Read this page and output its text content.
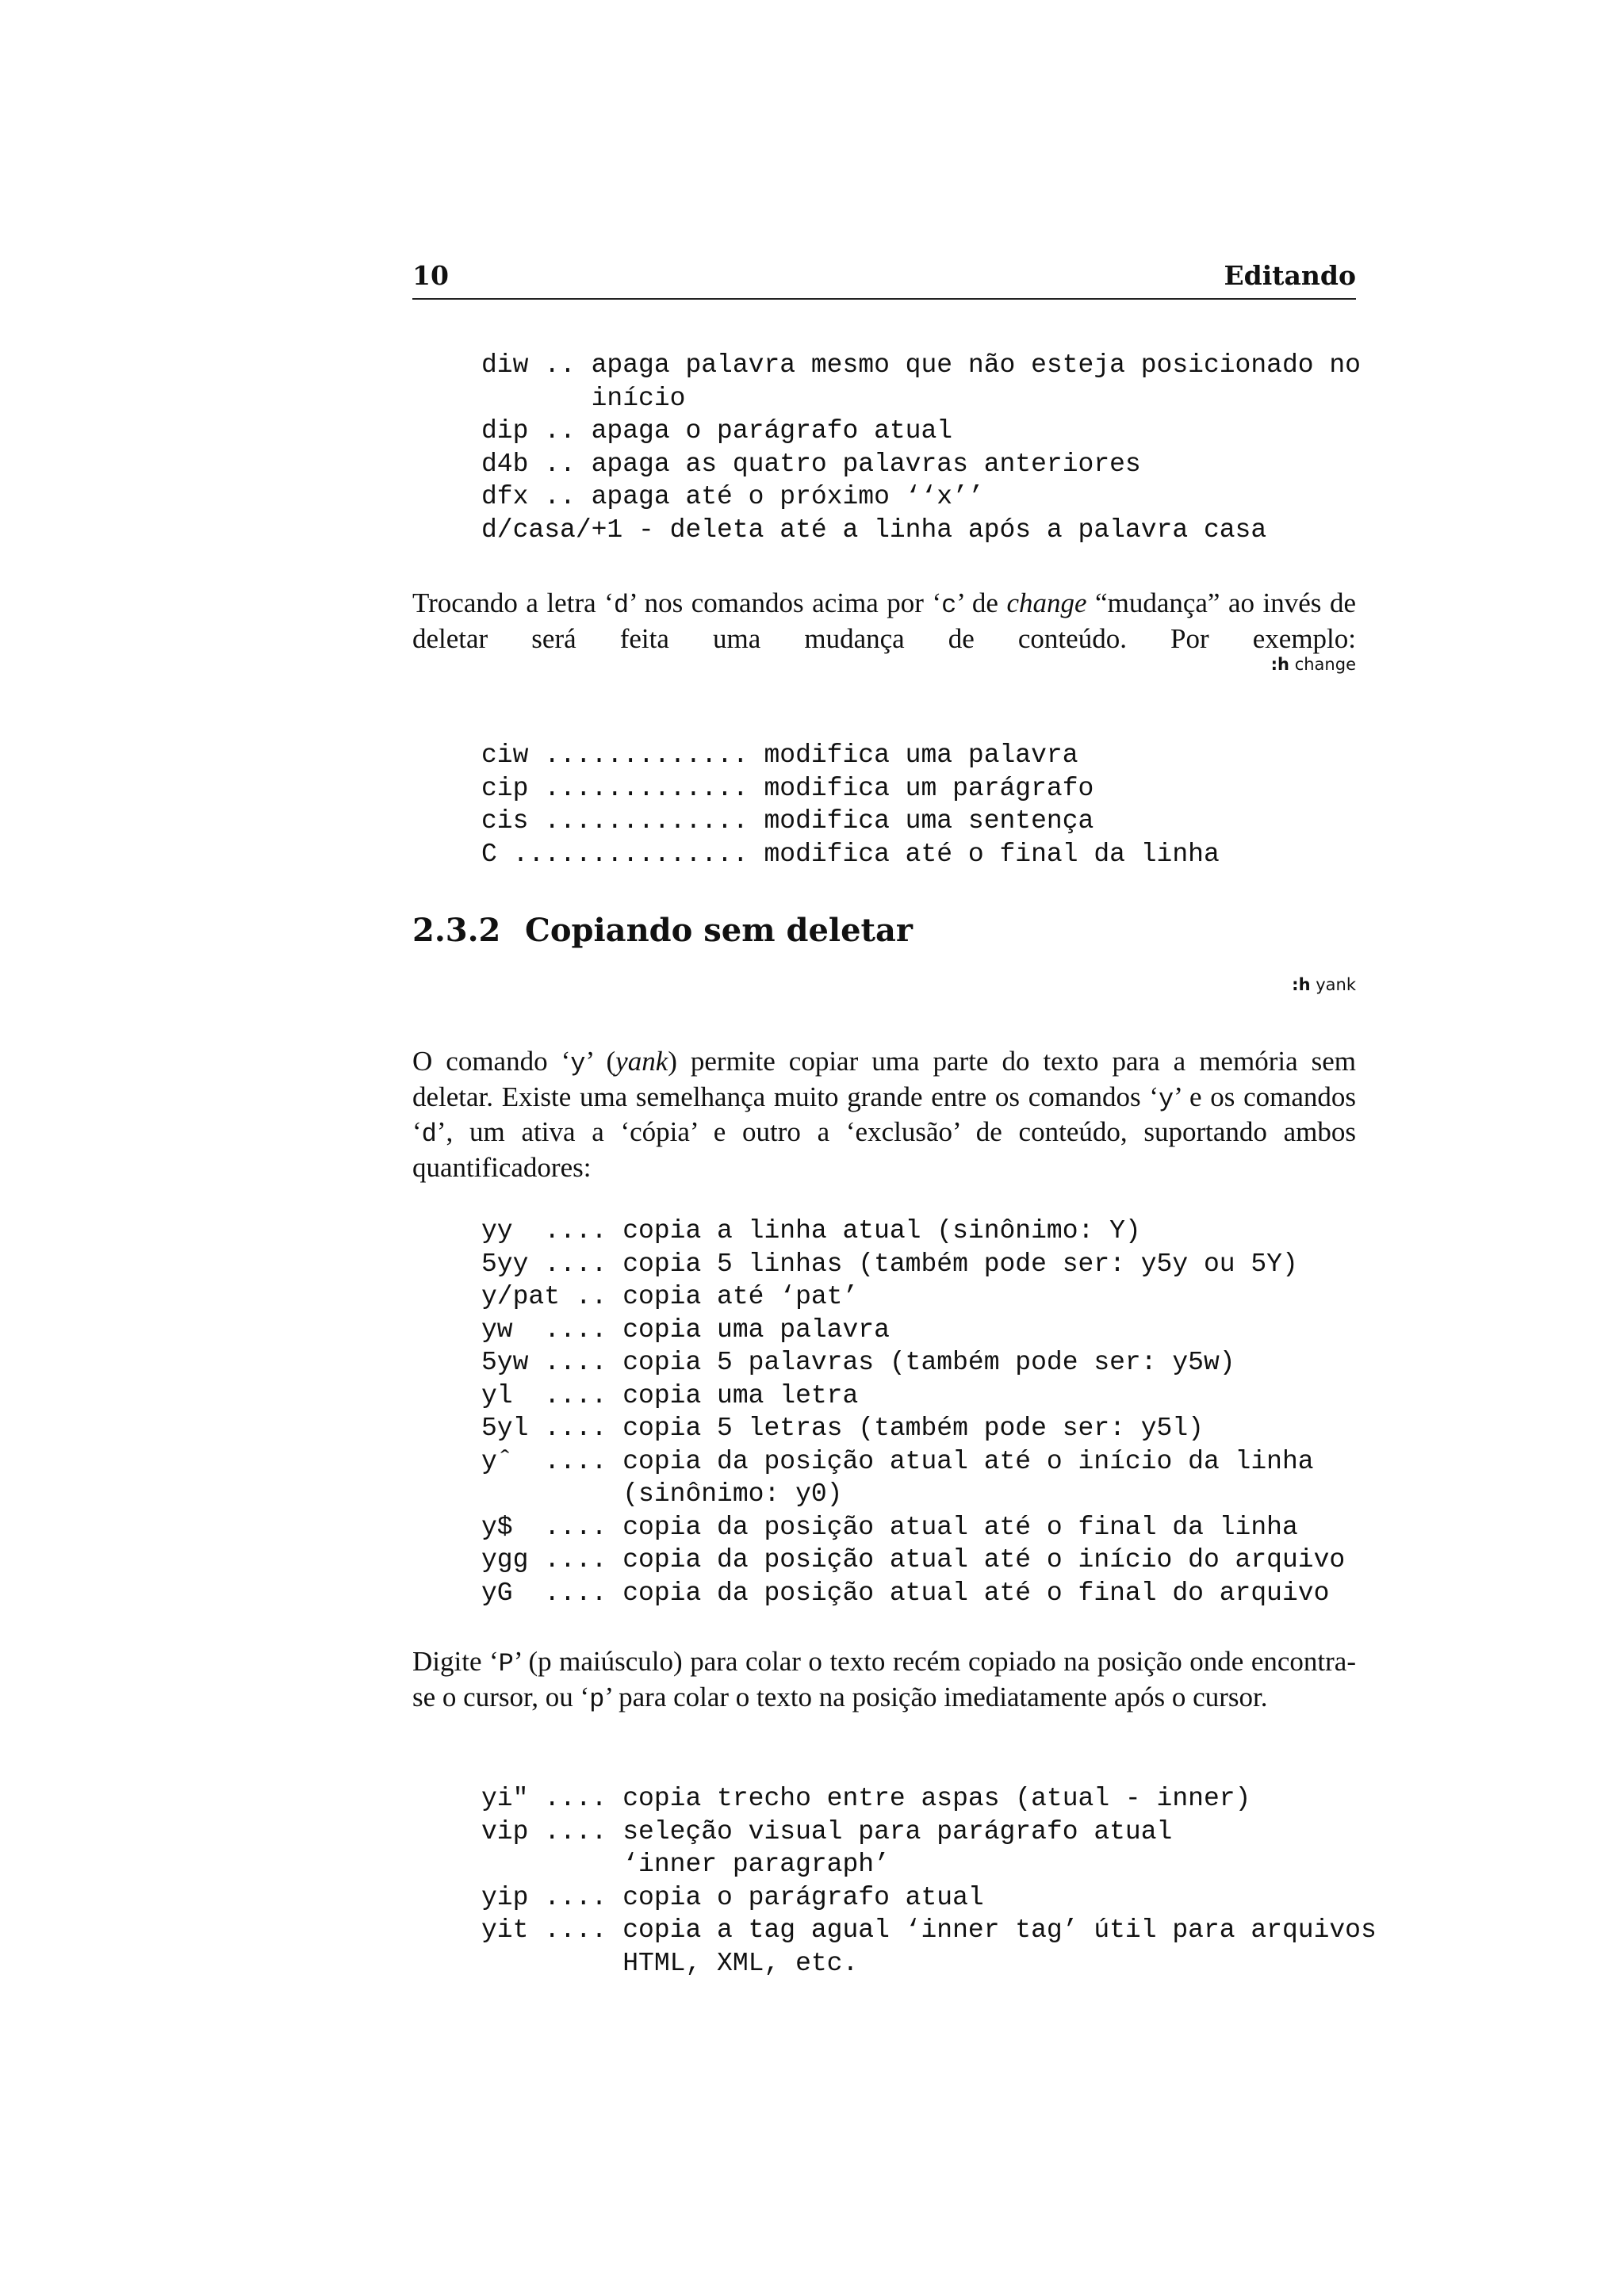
10	Editando
diw .. apaga palavra mesmo que não esteja posicionado no
início
dip .. apaga o parágrafo atual
d4b .. apaga as quatro palavras anteriores
dfx .. apaga até o próximo ‘‘x’’
d/casa/+1 - deleta até a linha após a palavra casa

Trocando a letra ‘d’ nos comandos acima por ‘c’ de change “mudança” ao invés de deletar será feita uma mudança de conteúdo. Por exemplo:

:h change
ciw ............. modifica uma palavra
cip ............. modifica um parágrafo
cis ............. modifica uma sentença
C ............... modifica até o final da linha
2.3.2 Copiando sem deletar
:h yank

O comando ‘y’ (yank) permite copiar uma parte do texto para a memória sem deletar. Existe uma semelhança muito grande entre os comandos ‘y’ e os comandos ‘d’, um ativa a ‘cópia’ e outro a ‘exclusão’ de conteúdo, suportando ambos quantificadores:

yy  .... copia a linha atual (sinônimo: Y)
5yy .... copia 5 linhas (também pode ser: y5y ou 5Y)
y/pat .. copia até ‘pat’
yw  .... copia uma palavra
5yw .... copia 5 palavras (também pode ser: y5w)
yl  .... copia uma letra
5yl .... copia 5 letras (também pode ser: y5l)
yˆ  .... copia da posição atual até o início da linha
(sinônimo: y0)
y$  .... copia da posição atual até o final da linha
ygg .... copia da posição atual até o início do arquivo
yG  .... copia da posição atual até o final do arquivo

Digite ‘P’ (p maiúsculo) para colar o texto recém copiado na posição onde encontra-se o cursor, ou ‘p’ para colar o texto na posição imediatamente após o cursor.

yi" .... copia trecho entre aspas (atual - inner)
vip .... seleção visual para parágrafo atual
‘inner paragraph’
yip .... copia o parágrafo atual
yit .... copia a tag agual ‘inner tag’ útil para arquivos
HTML, XML, etc.
